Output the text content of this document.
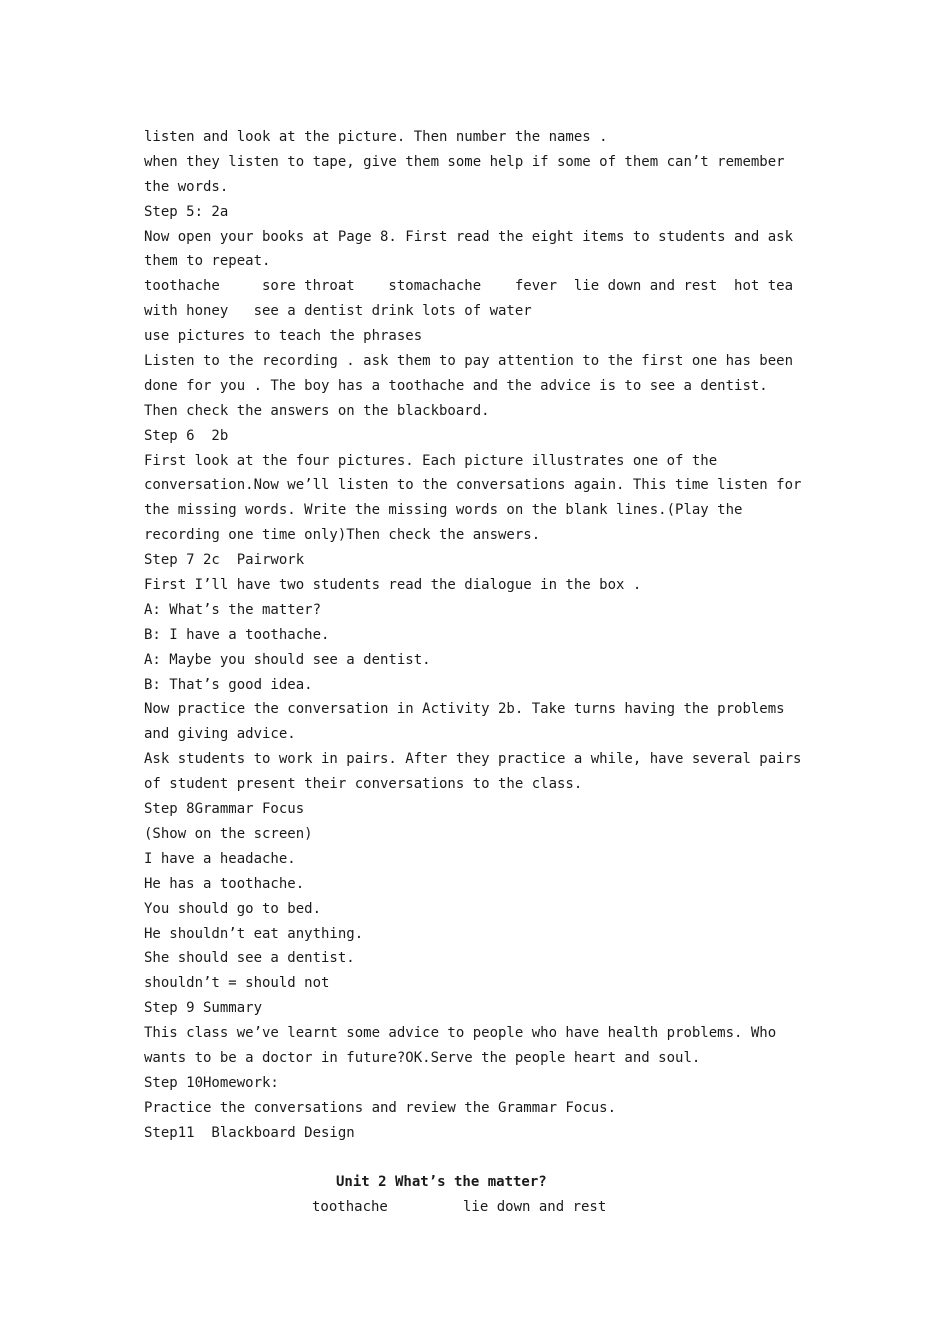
listen and look at the picture. Then number the names .
when they listen to tape, give them some help if some of them can’t remember
the words.
Step 5: 2a
Now open your books at Page 8. First read the eight items to students and ask
them to repeat.
toothache     sore throat    stomachache    fever  lie down and rest  hot tea
with honey   see a dentist drink lots of water
use pictures to teach the phrases
Listen to the recording . ask them to pay attention to the first one has been
done for you . The boy has a toothache and the advice is to see a dentist.
Then check the answers on the blackboard.
Step 6  2b
First look at the four pictures. Each picture illustrates one of the
conversation.Now we’ll listen to the conversations again. This time listen for
the missing words. Write the missing words on the blank lines.(Play the
recording one time only)Then check the answers.
Step 7 2c  Pairwork
First I’ll have two students read the dialogue in the box .
A: What’s the matter?
B: I have a toothache.
A: Maybe you should see a dentist.
B: That’s good idea.
Now practice the conversation in Activity 2b. Take turns having the problems
and giving advice.
Ask students to work in pairs. After they practice a while, have several pairs
of student present their conversations to the class.
Step 8Grammar Focus
(Show on the screen)
I have a headache.
He has a toothache.
You should go to bed.
He shouldn’t eat anything.
She should see a dentist.
shouldn’t = should not
Step 9 Summary
This class we’ve learnt some advice to people who have health problems. Who
wants to be a doctor in future?OK.Serve the people heart and soul.
Step 10Homework:
Practice the conversations and review the Grammar Focus.
Step11  Blackboard Design
Unit 2 What’s the matter?
toothache	lie down and rest
